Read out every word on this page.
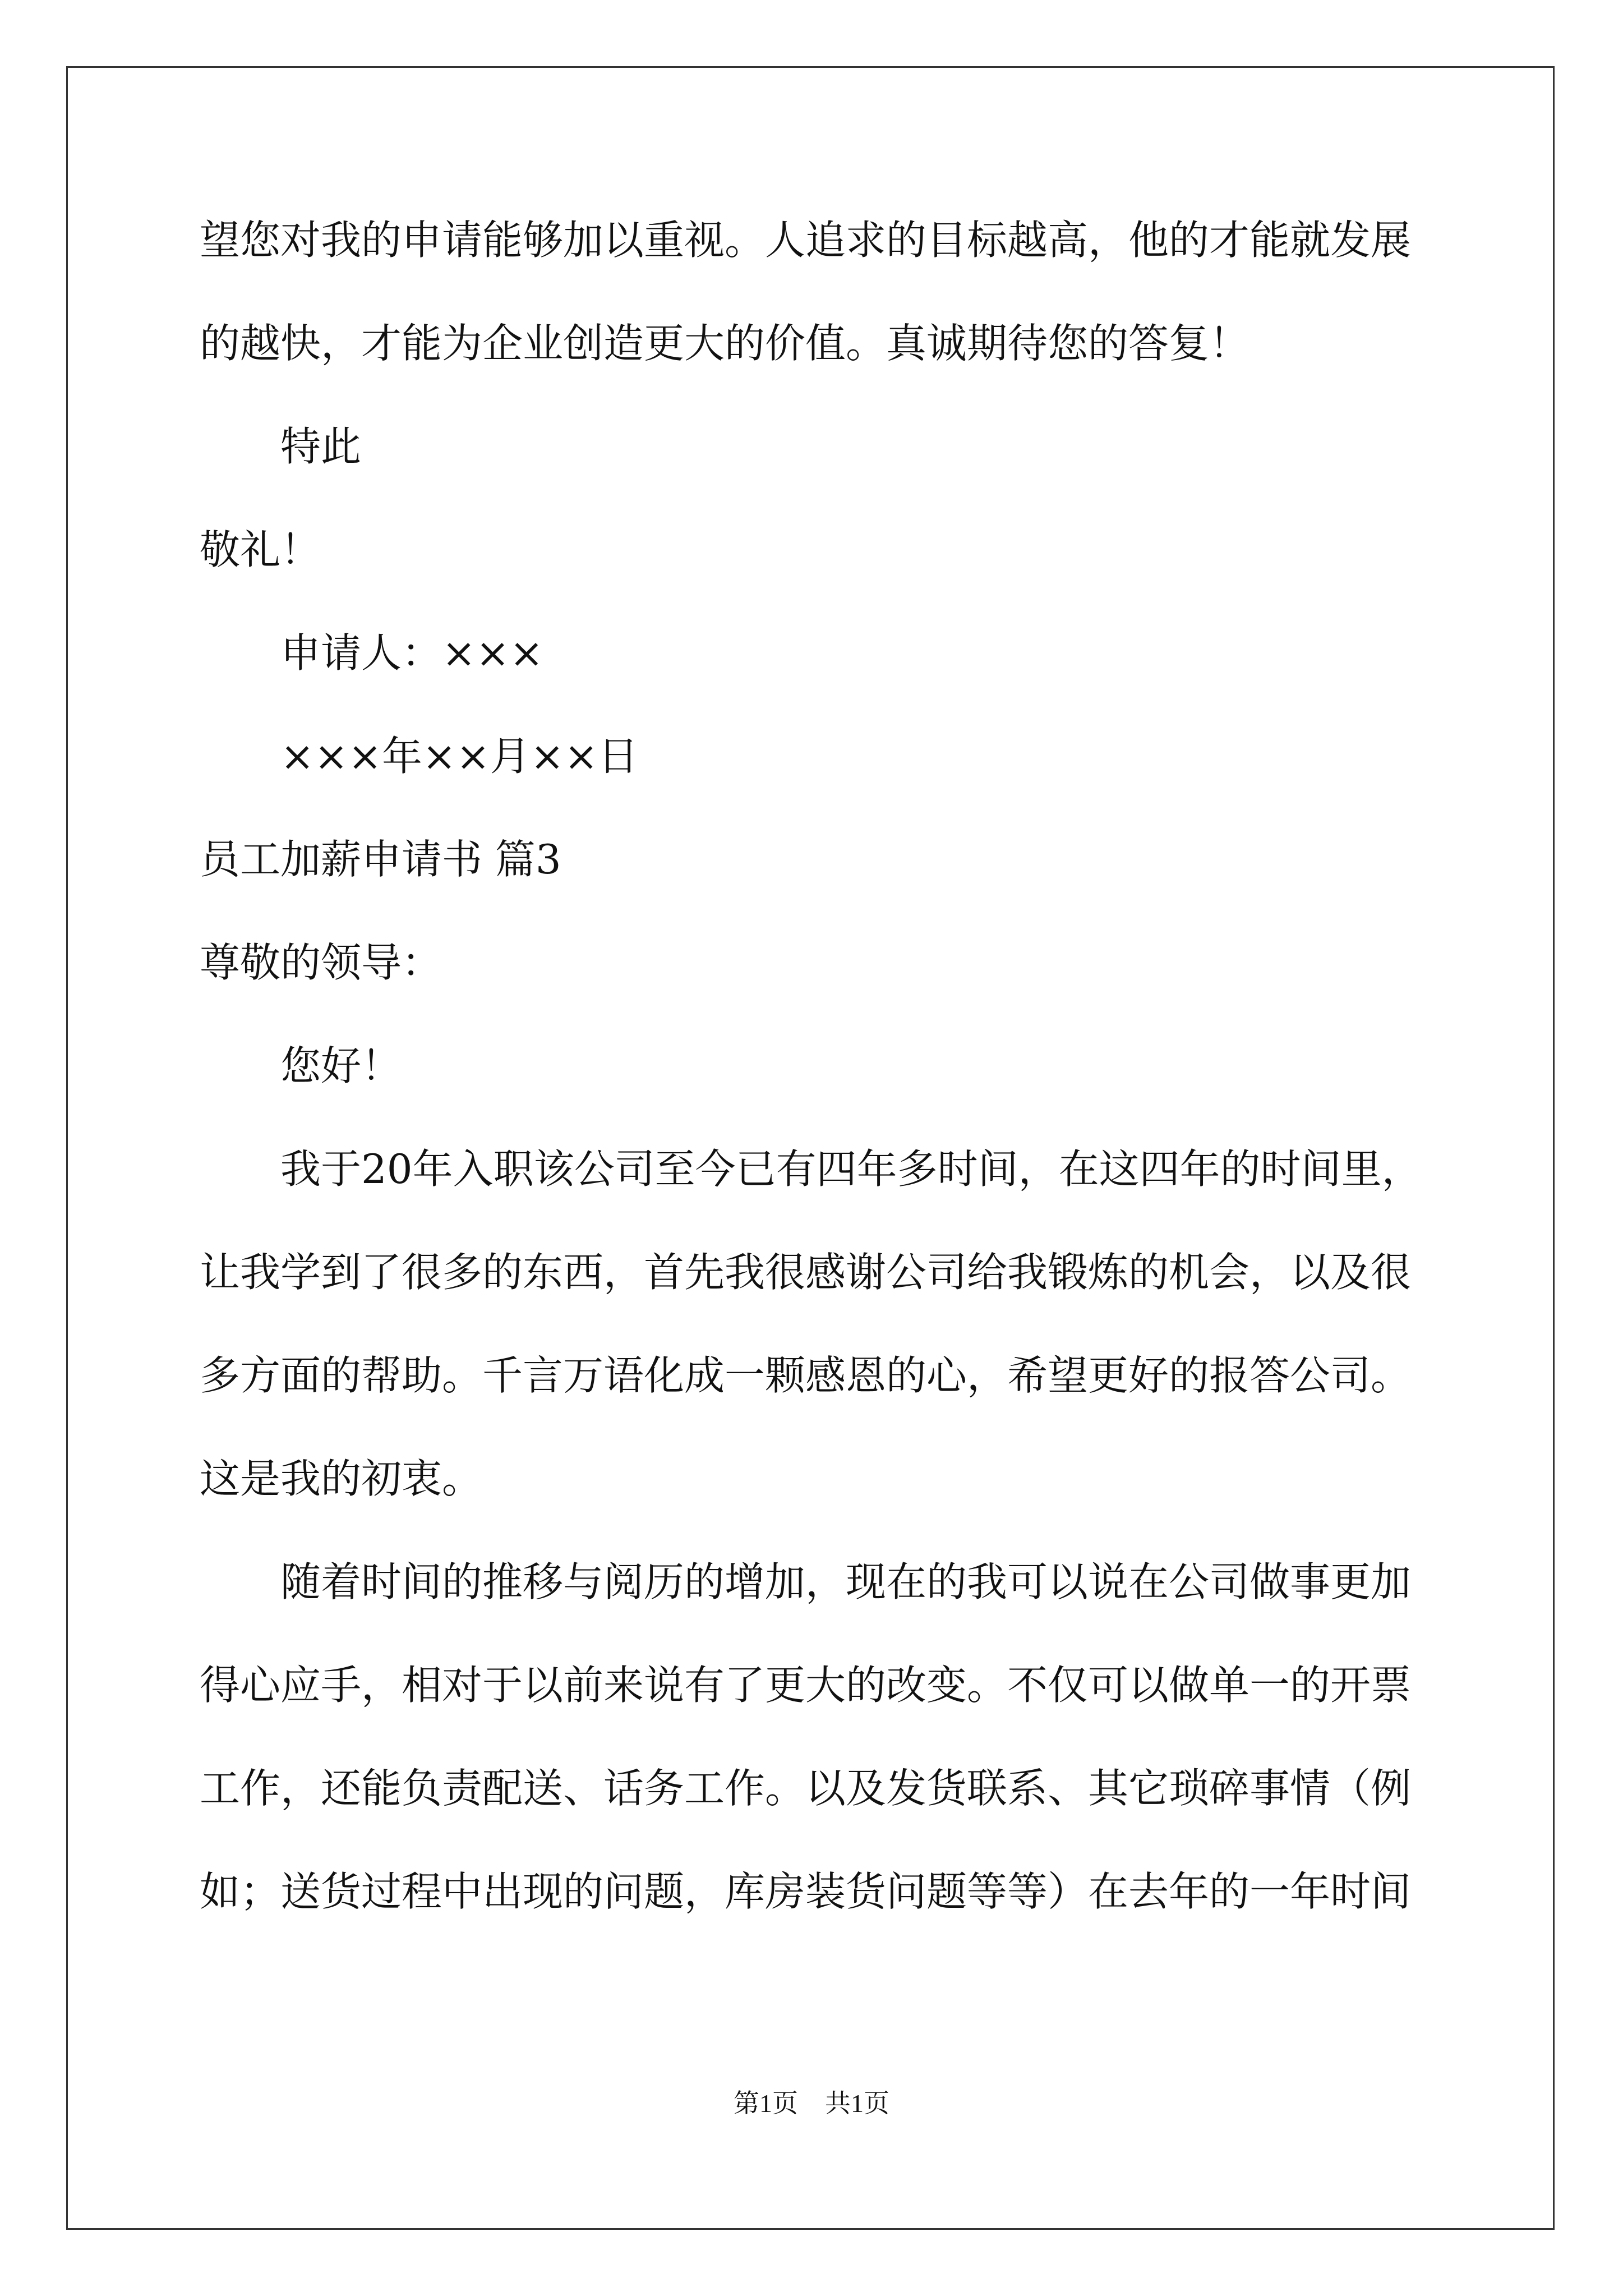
望您对我的申请能够加以重视。人追求的目标越高，他的才能就发展
的越快，才能为企业创造更大的价值。真诚期待您的答复！
特此
敬礼！
申请人：×××
×××年××月××日
员工加薪申请书 篇3
尊敬的领导：
您好！
我于20年入职该公司至今已有四年多时间，在这四年的时间里，
让我学到了很多的东西，首先我很感谢公司给我锻炼的机会，以及很
多方面的帮助。千言万语化成一颗感恩的心，希望更好的报答公司。
这是我的初衷。
随着时间的推移与阅历的增加，现在的我可以说在公司做事更加
得心应手，相对于以前来说有了更大的改变。不仅可以做单一的开票
工作，还能负责配送、话务工作。以及发货联系、其它琐碎事情（例
如；送货过程中出现的问题，库房装货问题等等）在去年的一年时间
第1页 共1页
